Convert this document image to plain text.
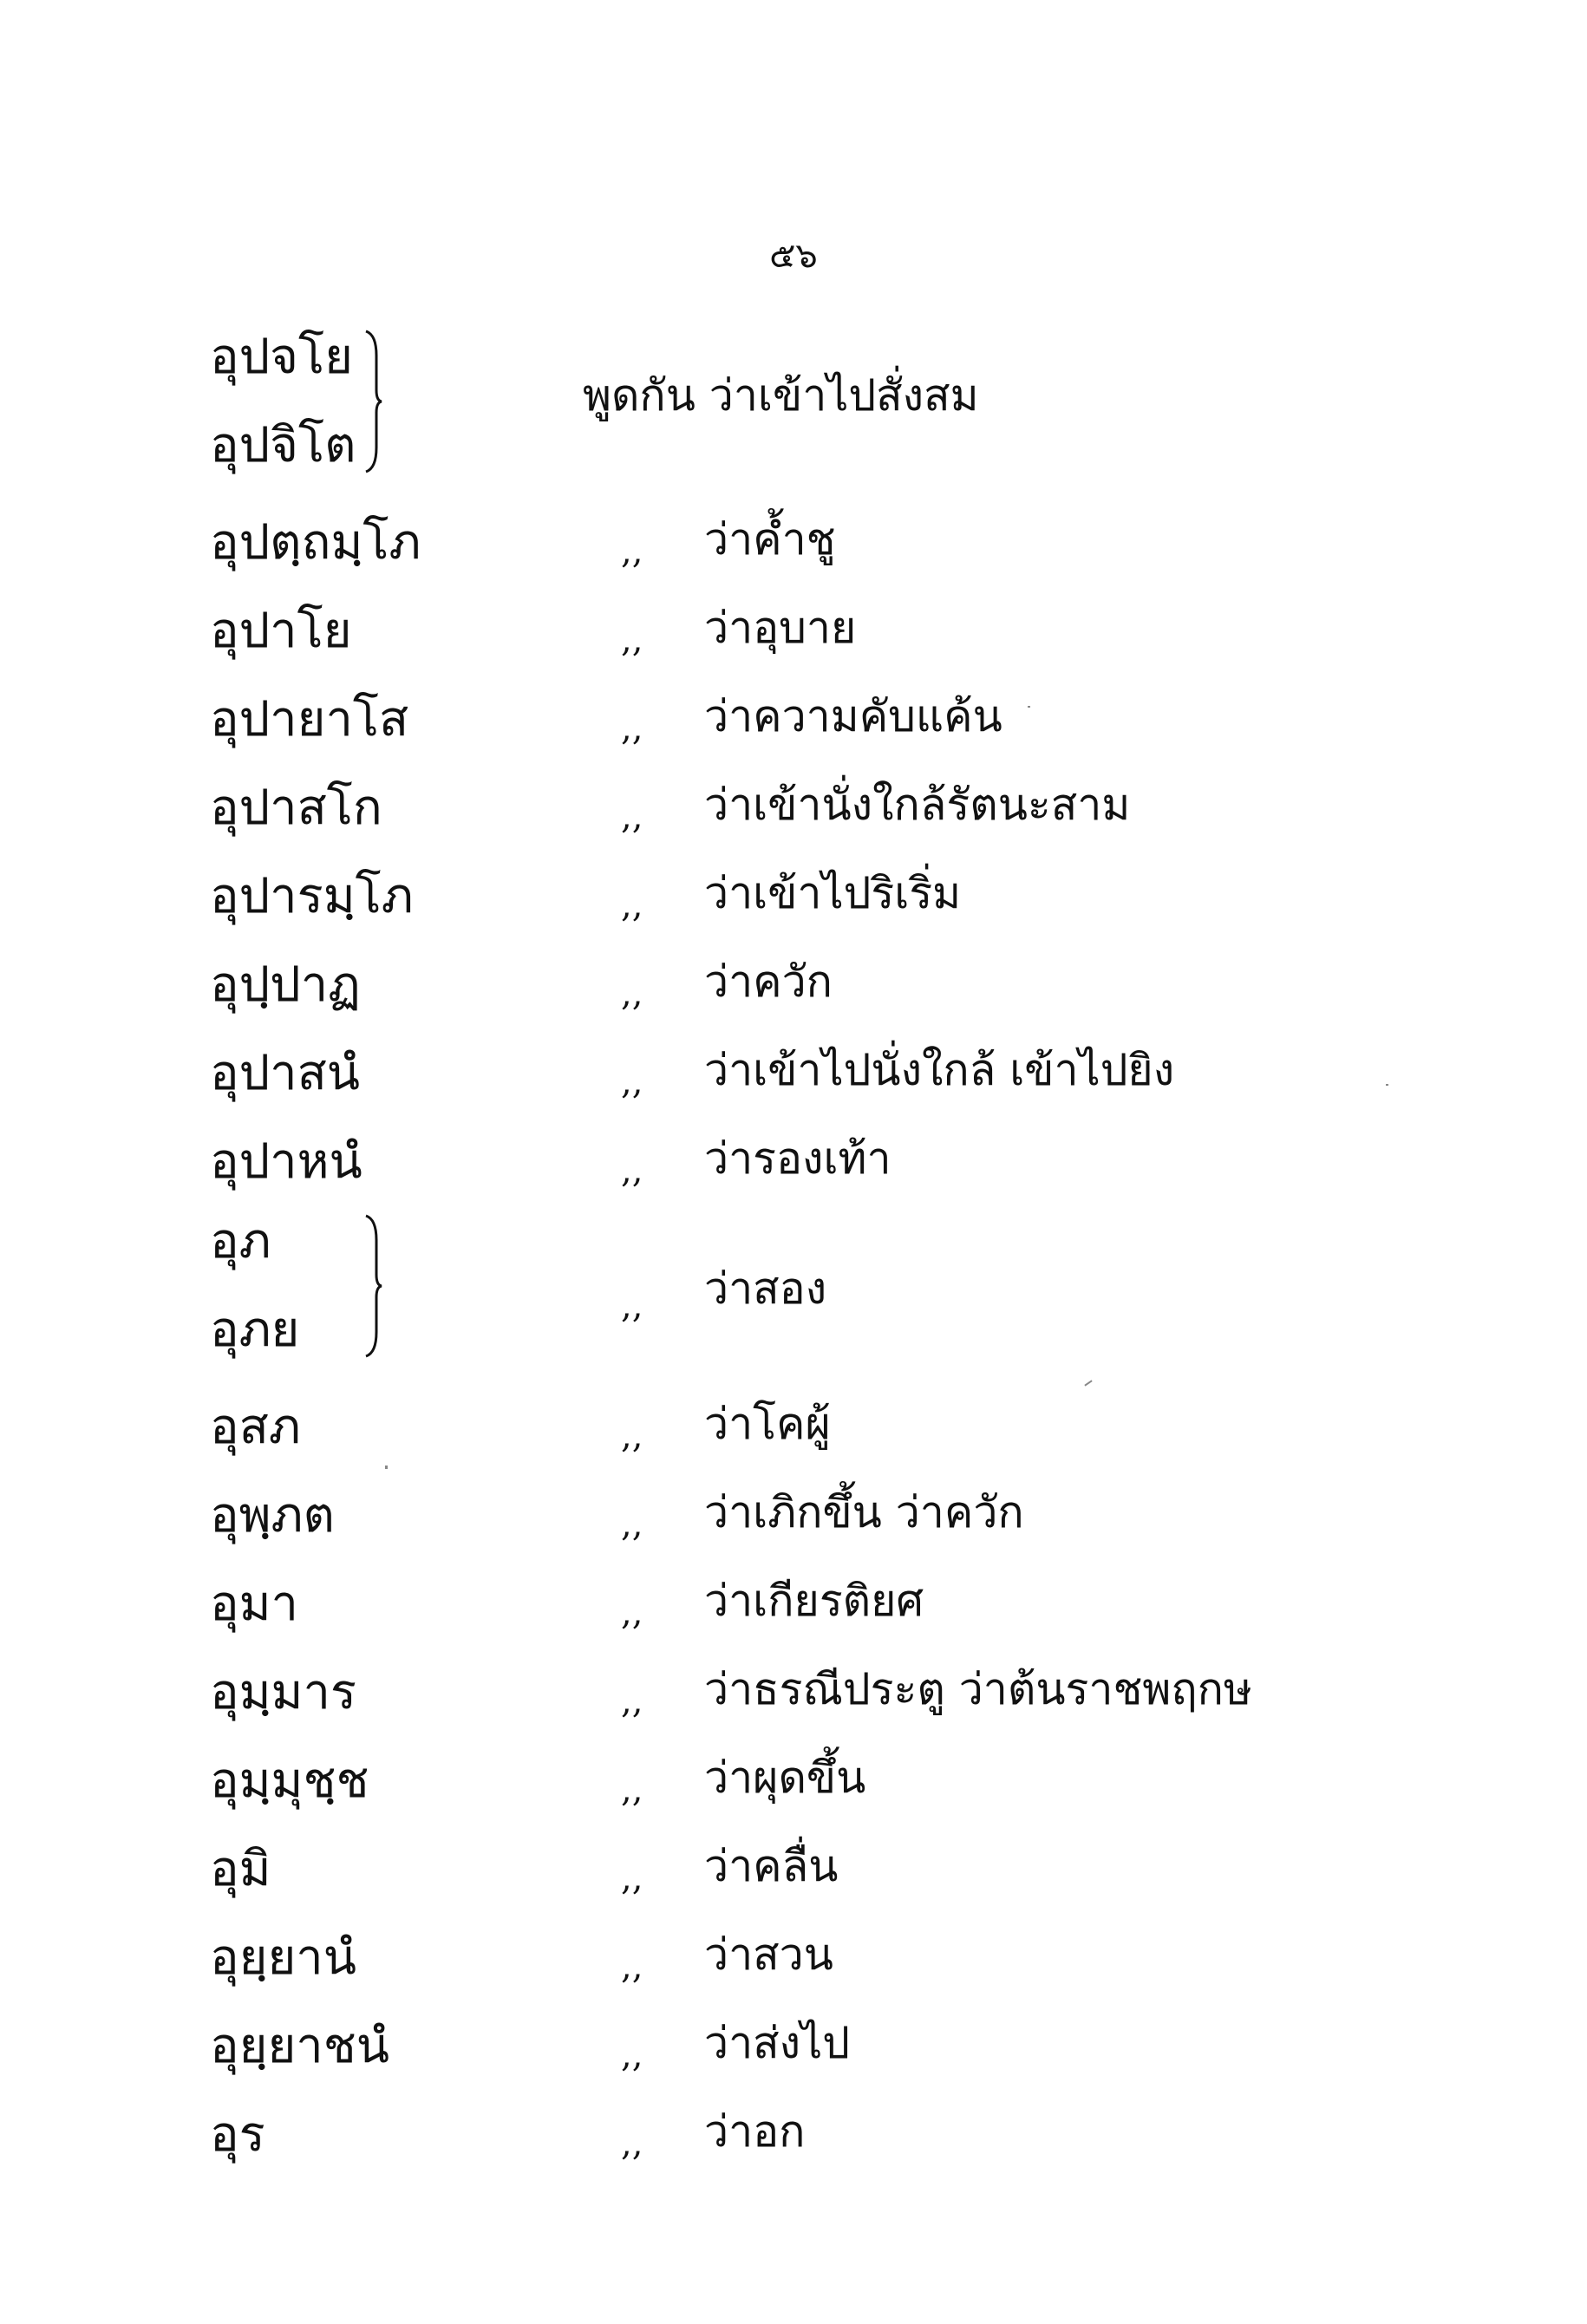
๕๖
อุปจโย
อุปจิโต
พูดกัน ว่าเข้าไปสั่งสม
อุปตฺถมฺโภ	,, ว่าค้ำชู
อุปาโย	,, ว่าอุบาย
อุปายาโส	,, ว่าความคับแค้น
อุปาสโก	,, ว่าเข้านั่งใกล้รัตนะสาม
อุปารมฺโภ	,, ว่าเข้าไปริเริ่ม
อุปฺปาฏ	,, ว่าควัก
อุปาสนํ	,, ว่าเข้าไปนั่งใกล้ เข้าไปยิง
อุปาหนํ	,, ว่ารองเท้า
อุภ
อุภย	,, ว่าสอง
อุสภ	,, ว่าโคผู้
อุพฺภต	,, ว่าเภิกขึ้น ว่าควัก
อุมา	,, ว่าเกียรติยศ
อุมฺมาร	,, ว่าธรณีประตู ว่าต้นราชพฤกษ
อุมฺมุชฺช	,, ว่าผุดขึ้น
อุมิ	,, ว่าคลื่น
อุยฺยานํ	,, ว่าสวน
อุยฺยาชนํ	,, ว่าส่งไป
อุร	,, ว่าอก
